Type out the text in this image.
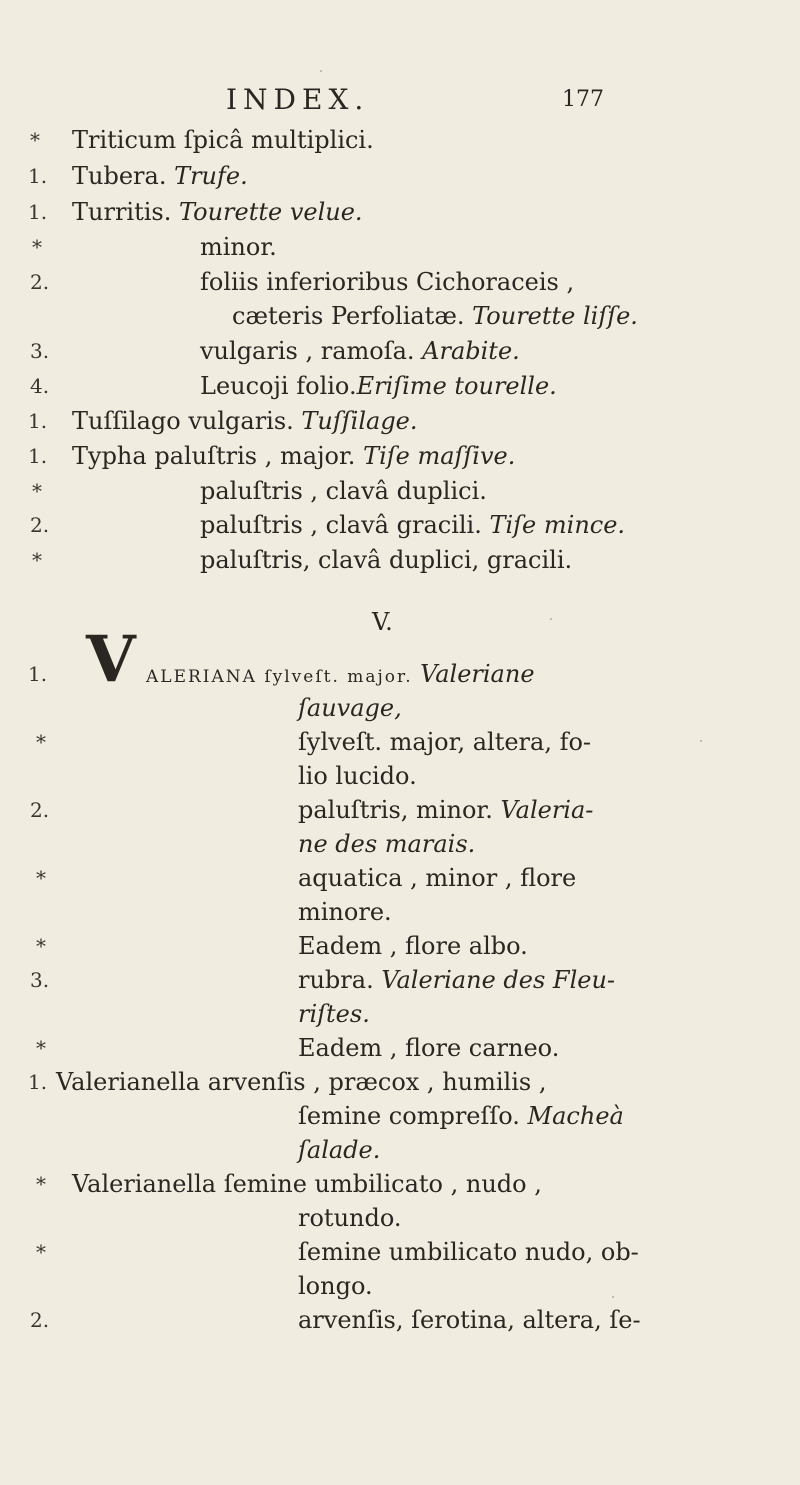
INDEX.	177
* Triticum ſpicâ multiplici.
1. Tubera. Trufe.
1. Turritis. Tourette velue.
*	minor.
2.	foliis inferioribus Cichoraceis ,
cæteris Perfoliatæ. Tourette liſſe.
3.	vulgaris , ramoſa. Arabite.
4.	Leucoji folio.Eriſime tourelle.
1. Tuſſilago vulgaris. Tuſſilage.
1. Typha paluſtris , major. Tiſe maſſive.
*	paluſtris , clavâ duplici.
2.	paluſtris , clavâ gracili. Tiſe mince.
*	paluſtris, clavâ duplici, gracili.
V.
V
1.	ALERIANA ſylveſt. major. Valeriane
ſauvage,
*	ſylveſt. major, altera, fo-
lio lucido.
2.	paluſtris, minor. Valeria-
ne des marais.
*	aquatica , minor , flore
minore.
*	Eadem , flore albo.
3.	rubra. Valeriane des Fleu-
riſtes.
*	Eadem , flore carneo.
1. Valerianella arvenſis , præcox , humilis ,
ſemine compreſſo. Macheà
ſalade.
* Valerianella ſemine umbilicato , nudo ,
rotundo.
*	ſemine umbilicato nudo, ob-
longo.
2.	arvenſis, ſerotina, altera, ſe-
